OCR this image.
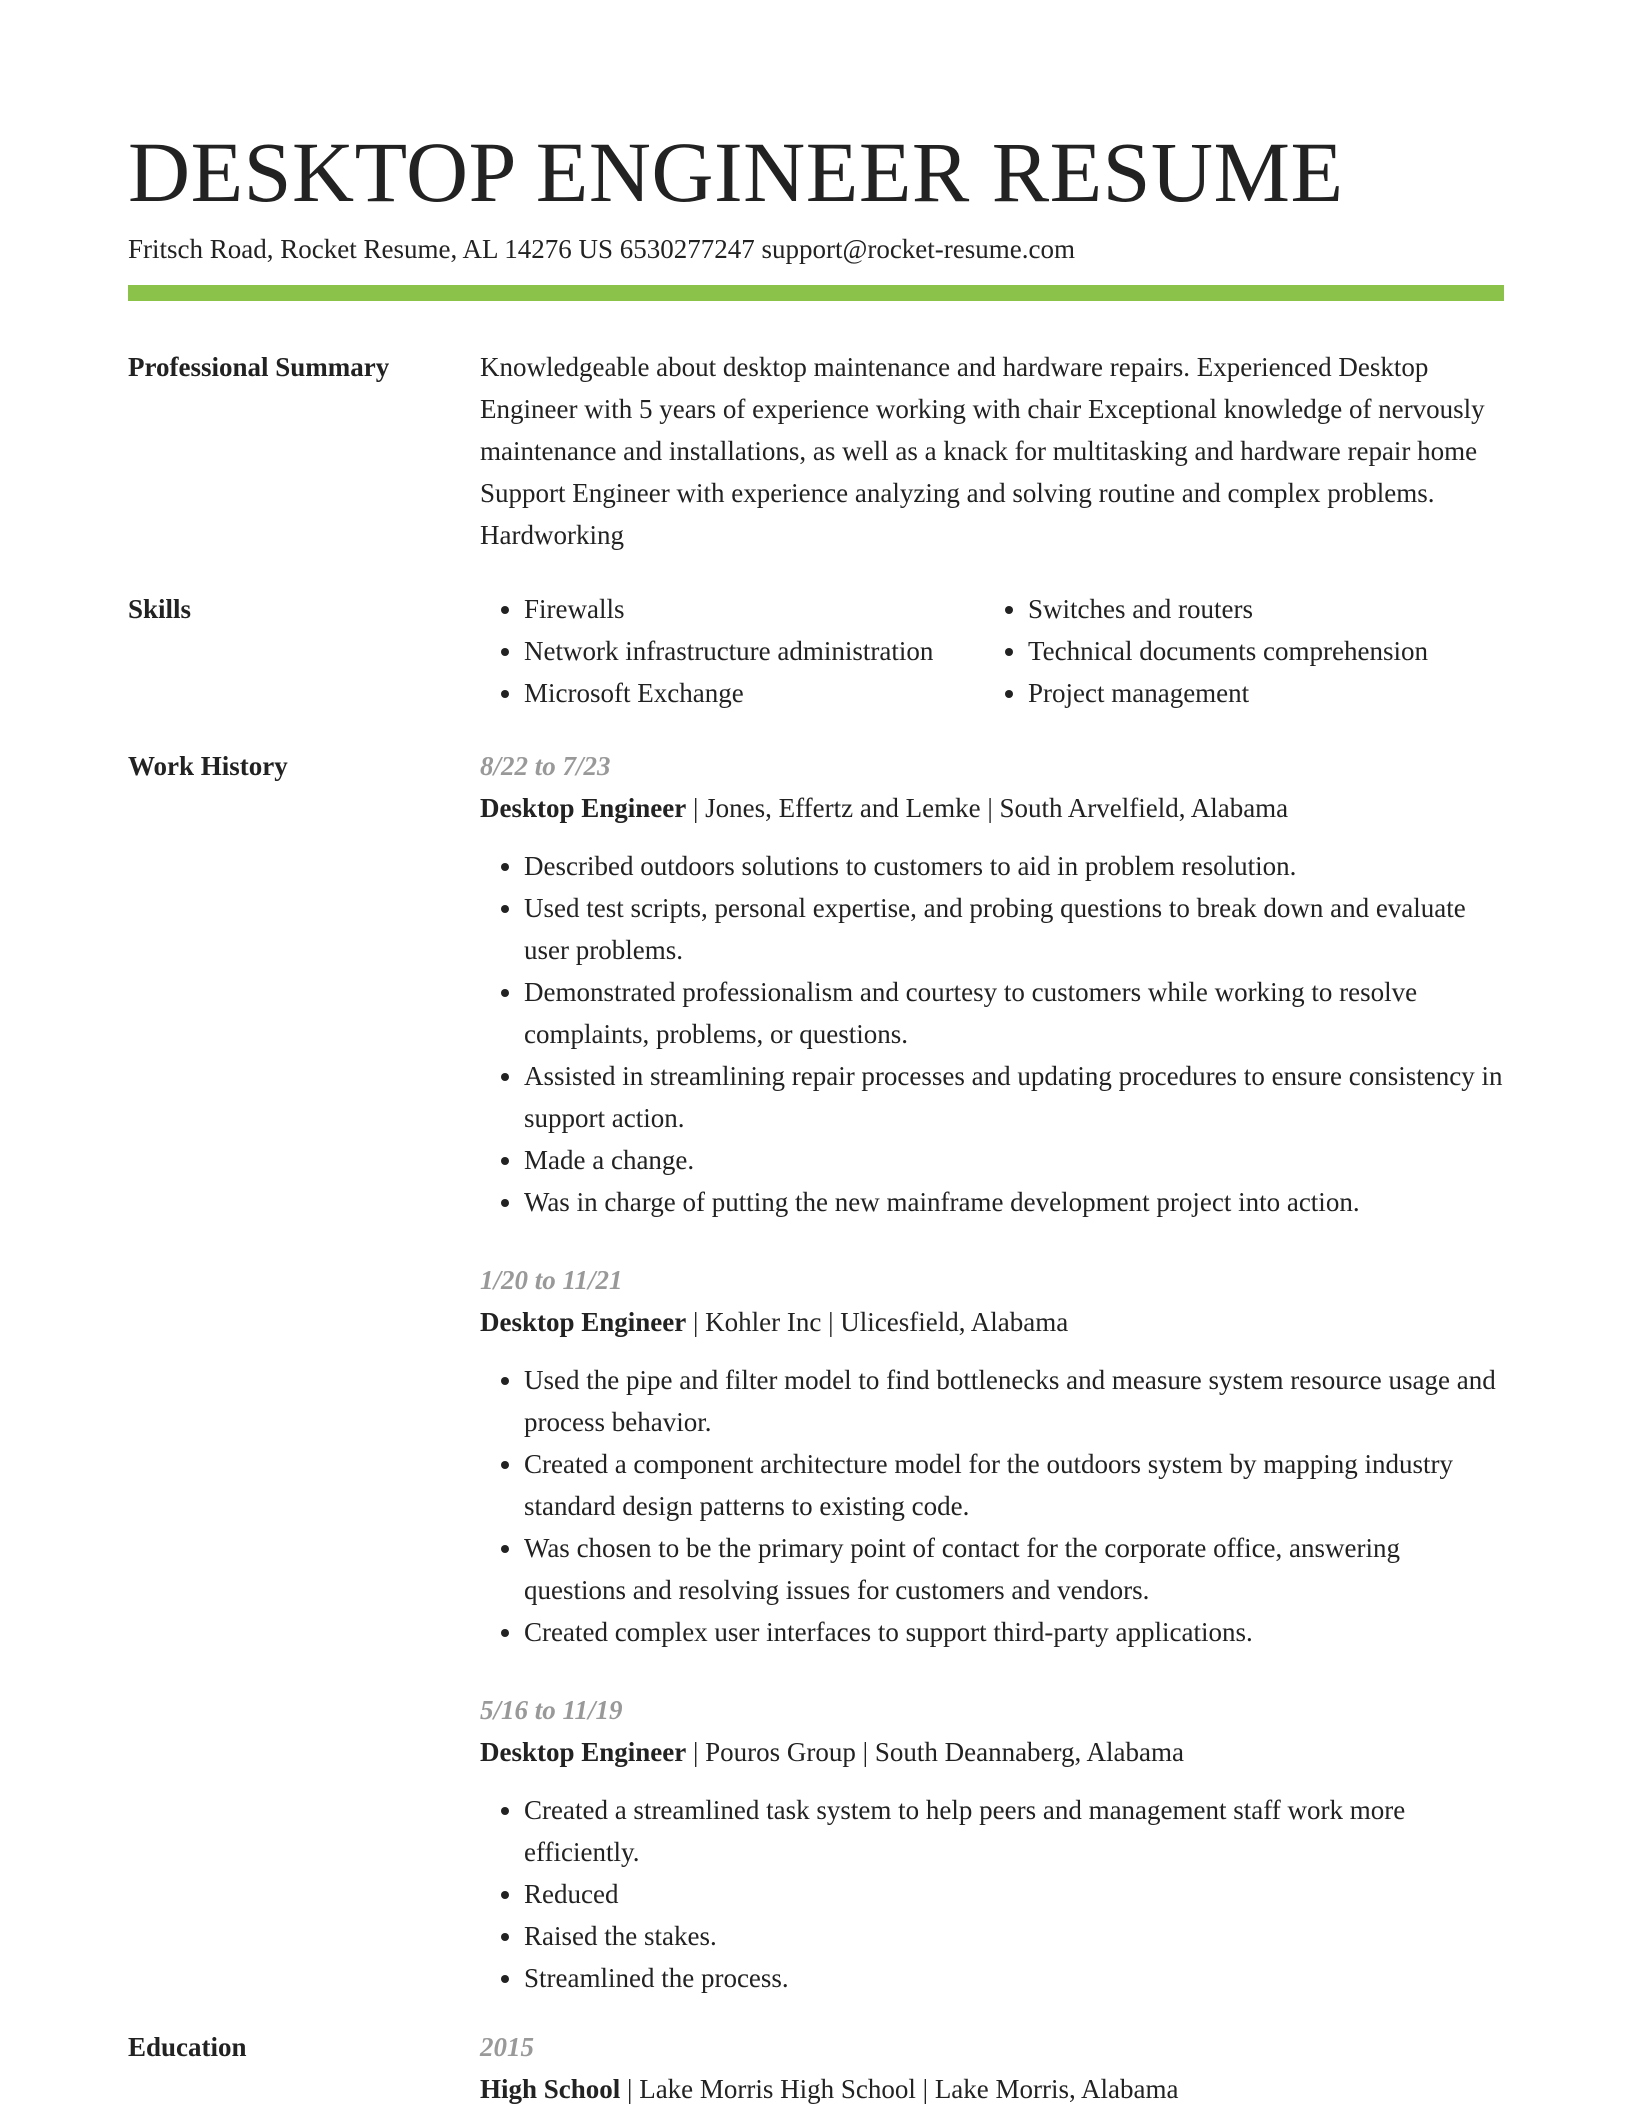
DESKTOP ENGINEER RESUME
Fritsch Road, Rocket Resume, AL 14276 US 6530277247 support@rocket-resume.com
Professional Summary	Knowledgeable about desktop maintenance and hardware repairs. Experienced Desktop Engineer with 5 years of experience working with chair Exceptional knowledge of nervously maintenance and installations, as well as a knack for multitasking and hardware repair home Support Engineer with experience analyzing and solving routine and complex problems. Hardworking

Skills
•	Firewalls
• Network infrastructure administration
• Microsoft Exchange
• Switches and routers
• Technical documents comprehension
• Project management
Work History	8/22 to 7/23
Desktop Engineer | Jones, Effertz and Lemke | South Arvelfield, Alabama
• Described outdoors solutions to customers to aid in problem resolution.
• Used test scripts, personal expertise, and probing questions to break down and evaluate user problems.
• Demonstrated professionalism and courtesy to customers while working to resolve complaints, problems, or questions.
• Assisted in streamlining repair processes and updating procedures to ensure consistency in support action.
• Made a change.
• Was in charge of putting the new mainframe development project into action.
1/20 to 11/21
Desktop Engineer | Kohler Inc | Ulicesfield, Alabama
• Used the pipe and filter model to find bottlenecks and measure system resource usage and process behavior.
• Created a component architecture model for the outdoors system by mapping industry standard design patterns to existing code.
• Was chosen to be the primary point of contact for the corporate office, answering questions and resolving issues for customers and vendors.
• Created complex user interfaces to support third-party applications.
5/16 to 11/19
Desktop Engineer | Pouros Group | South Deannaberg, Alabama
• Created a streamlined task system to help peers and management staff work more efficiently.
• Reduced
• Raised the stakes.
• Streamlined the process.
Education	2015
High School | Lake Morris High School | Lake Morris, Alabama
